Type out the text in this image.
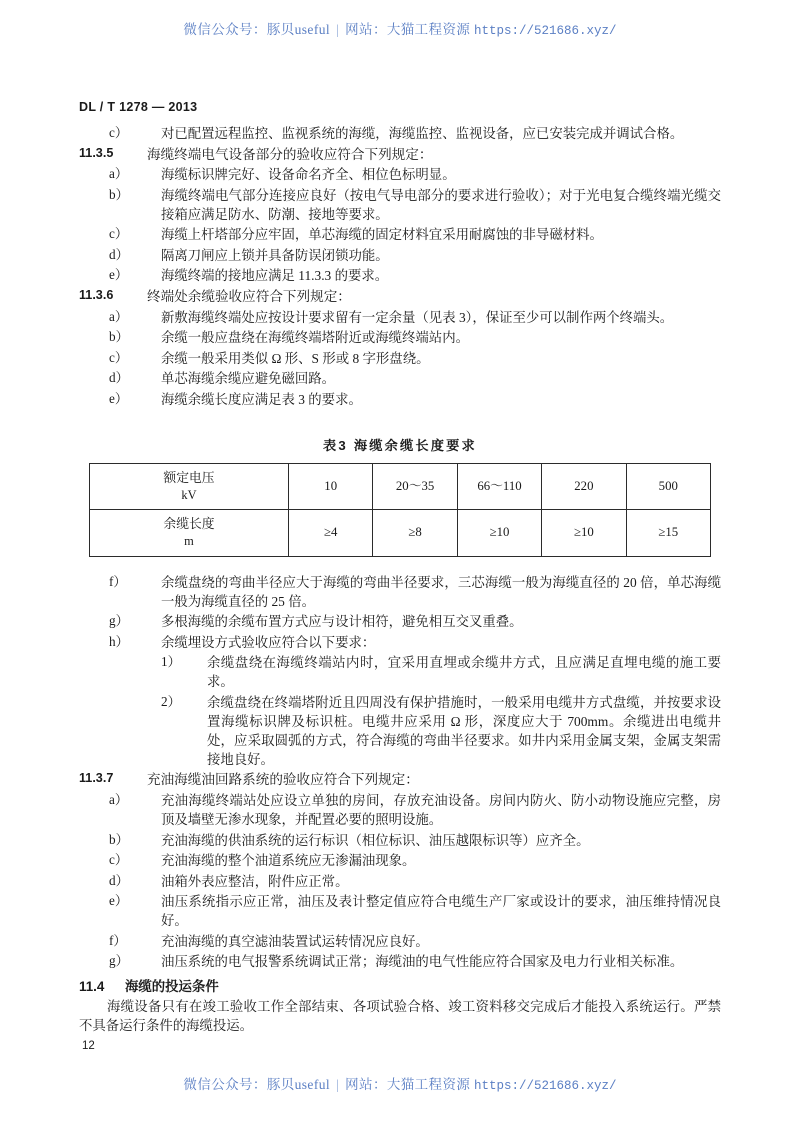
微信公众号：豚贝useful | 网站：大猫工程资源 https://521686.xyz/
DL / T 1278 — 2013
c）	对已配置远程监控、监视系统的海缆，海缆监控、监视设备，应已安装完成并调试合格。
11.3.5	海缆终端电气设备部分的验收应符合下列规定：
a）	海缆标识牌完好、设备命名齐全、相位色标明显。
b）	海缆终端电气部分连接应良好（按电气导电部分的要求进行验收）；对于光电复合缆终端光缆交接箱应满足防水、防潮、接地等要求。
c）	海缆上杆塔部分应牢固，单芯海缆的固定材料宜采用耐腐蚀的非导磁材料。
d）	隔离刀闸应上锁并具备防误闭锁功能。
e）	海缆终端的接地应满足 11.3.3 的要求。
11.3.6	终端处余缆验收应符合下列规定：
a）	新敷海缆终端处应按设计要求留有一定余量（见表 3），保证至少可以制作两个终端头。
b）	余缆一般应盘绕在海缆终端塔附近或海缆终端站内。
c）	余缆一般采用类似 Ω 形、S 形或 8 字形盘绕。
d）	单芯海缆余缆应避免磁回路。
e）	海缆余缆长度应满足表 3 的要求。
表3 海缆余缆长度要求
额定电压
kV	10	20～35	66～110	220	500
余缆长度
m	≥4	≥8	≥10	≥10	≥15
f）	余缆盘绕的弯曲半径应大于海缆的弯曲半径要求，三芯海缆一般为海缆直径的 20 倍，单芯海缆一般为海缆直径的 25 倍。
g）	多根海缆的余缆布置方式应与设计相符，避免相互交叉重叠。
h）	余缆埋设方式验收应符合以下要求：
1）	余缆盘绕在海缆终端站内时，宜采用直埋或余缆井方式，且应满足直埋电缆的施工要求。
2）	余缆盘绕在终端塔附近且四周没有保护措施时，一般采用电缆井方式盘缆，并按要求设置海缆标识牌及标识桩。电缆井应采用 Ω 形，深度应大于 700mm。余缆进出电缆井处，应采取圆弧的方式，符合海缆的弯曲半径要求。如井内采用金属支架，金属支架需接地良好。
11.3.7	充油海缆油回路系统的验收应符合下列规定：
a）	充油海缆终端站处应设立单独的房间，存放充油设备。房间内防火、防小动物设施应完整，房顶及墙壁无渗水现象，并配置必要的照明设施。
b）	充油海缆的供油系统的运行标识（相位标识、油压越限标识等）应齐全。
c）	充油海缆的整个油道系统应无渗漏油现象。
d）	油箱外表应整洁，附件应正常。
e）	油压系统指示应正常，油压及表计整定值应符合电缆生产厂家或设计的要求，油压维持情况良好。
f）	充油海缆的真空滤油装置试运转情况应良好。
g）	油压系统的电气报警系统调试正常；海缆油的电气性能应符合国家及电力行业相关标准。
11.4	海缆的投运条件
海缆设备只有在竣工验收工作全部结束、各项试验合格、竣工资料移交完成后才能投入系统运行。严禁不具备运行条件的海缆投运。
12
微信公众号：豚贝useful | 网站：大猫工程资源 https://521686.xyz/
